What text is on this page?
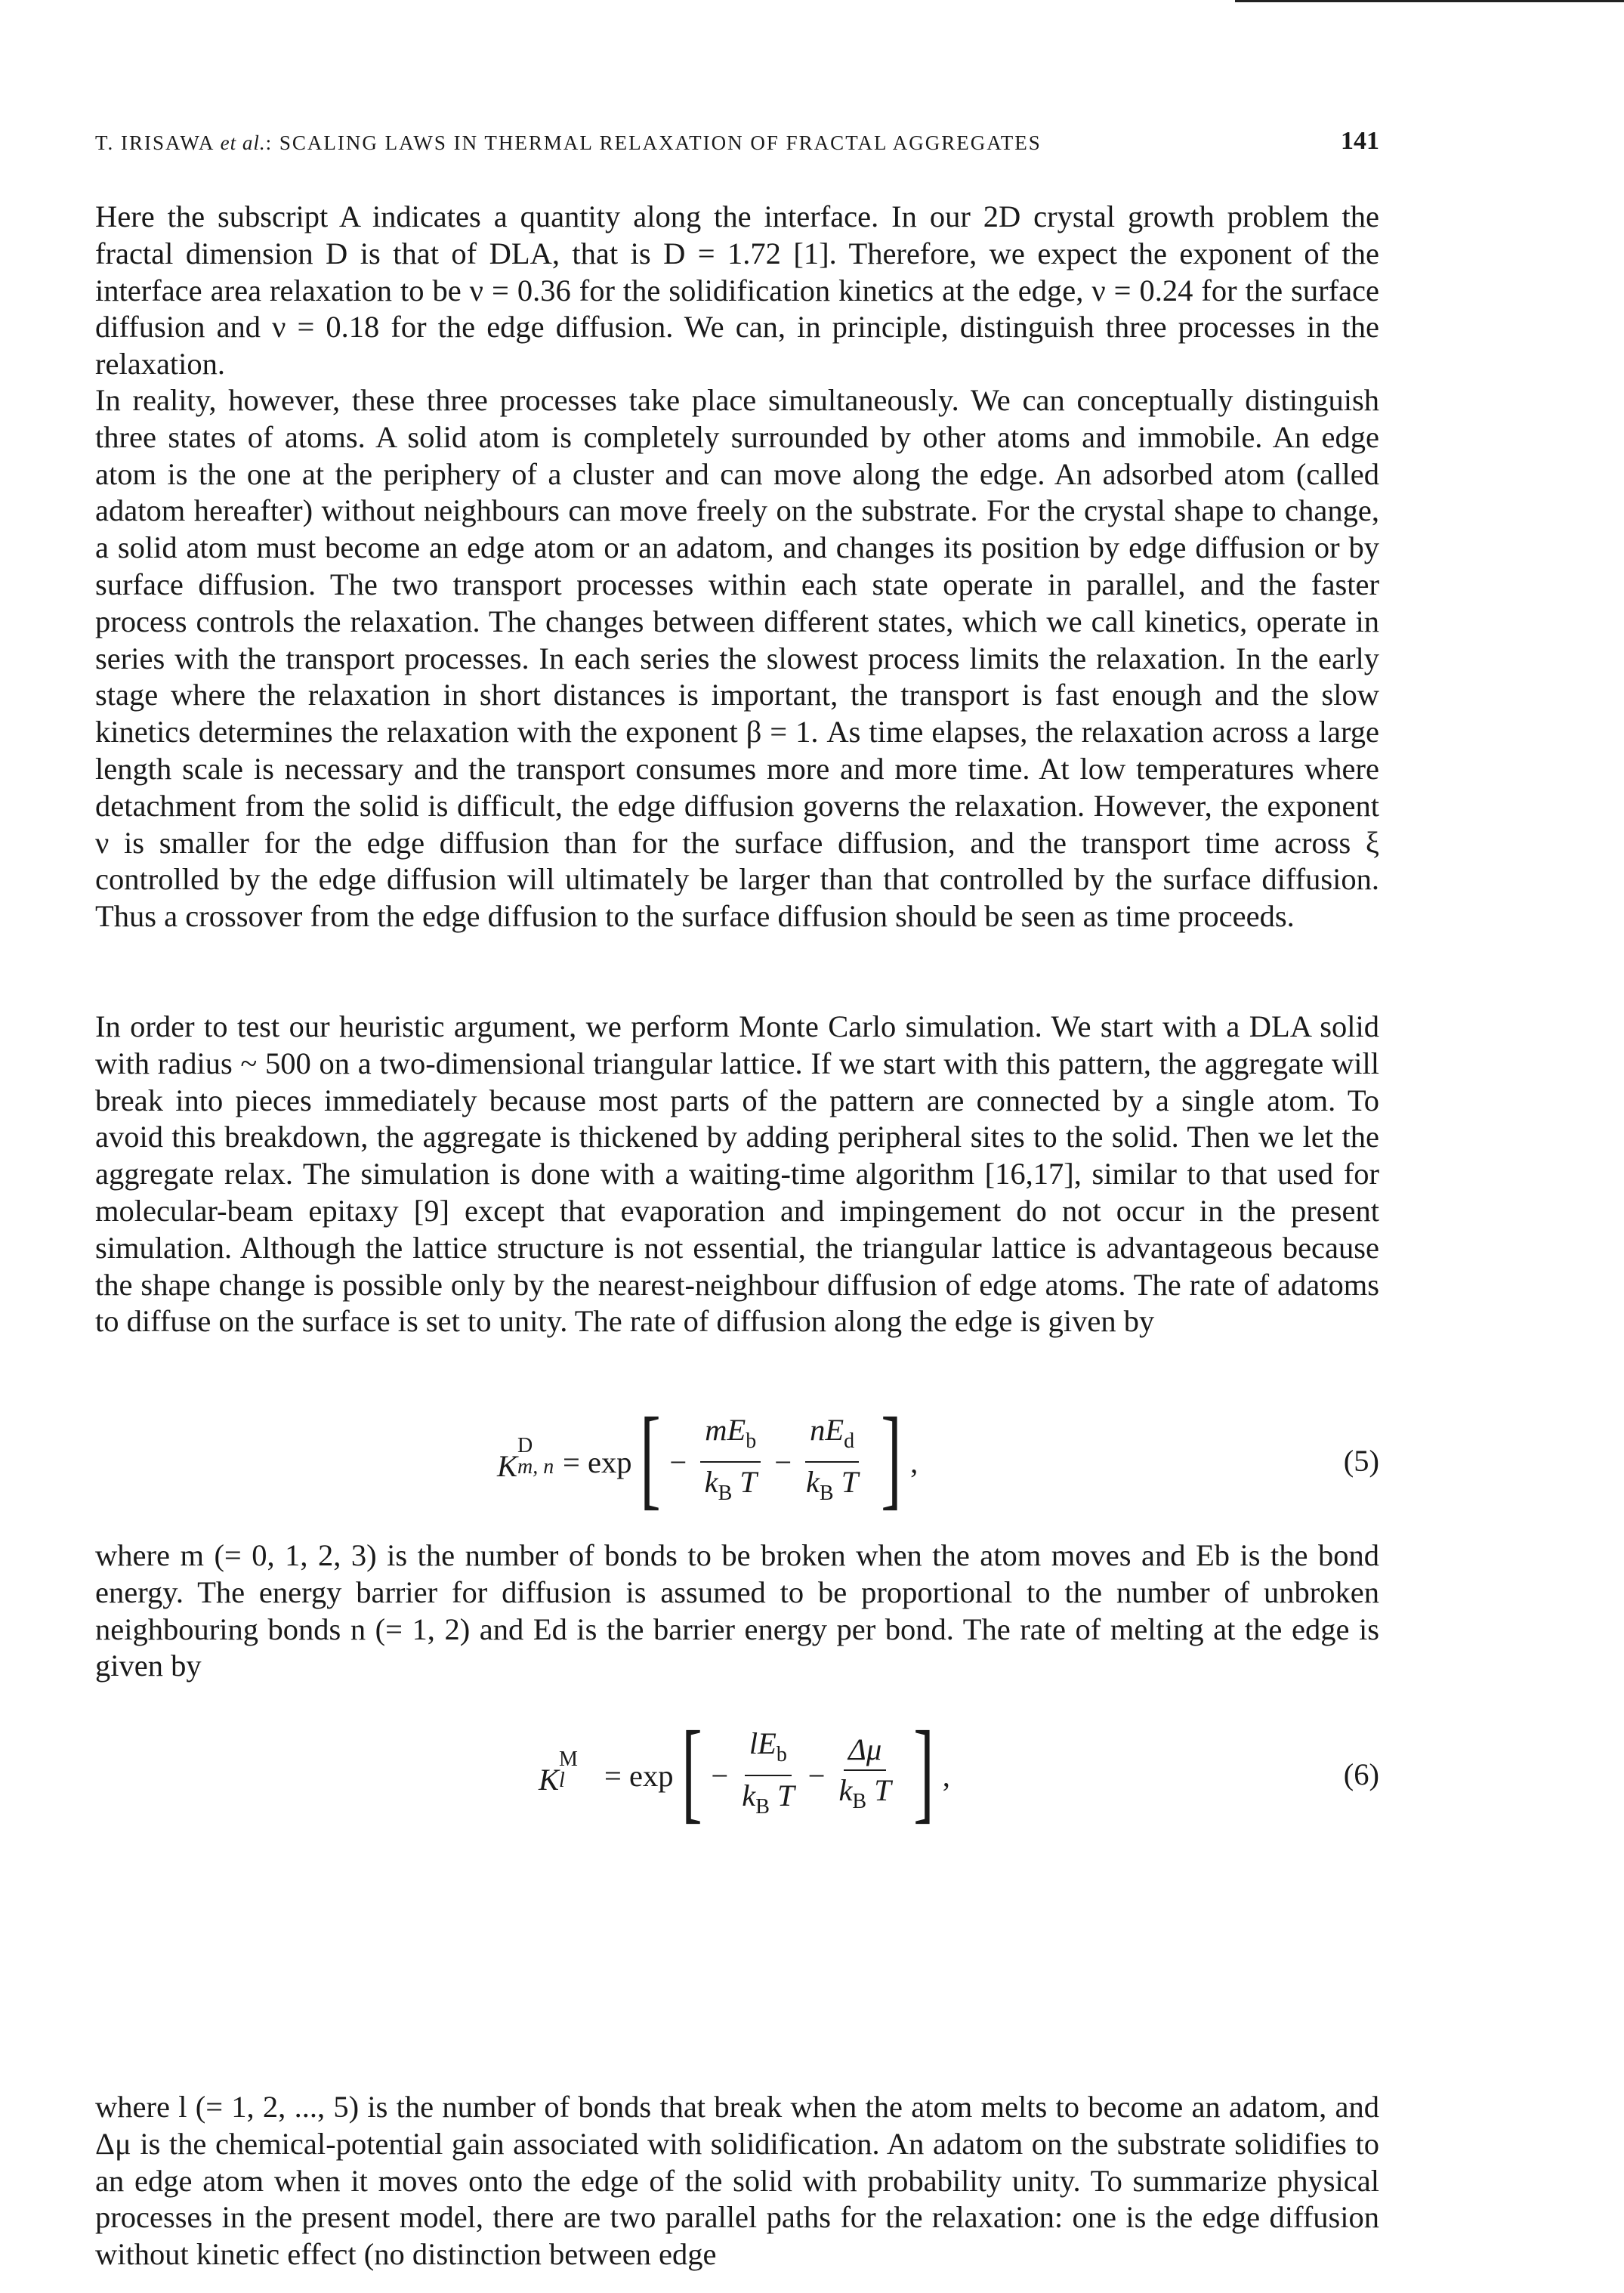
T. IRISAWA et al.: SCALING LAWS IN THERMAL RELAXATION OF FRACTAL AGGREGATES	141

Here the subscript A indicates a quantity along the interface. In our 2D crystal growth problem the fractal dimension D is that of DLA, that is D = 1.72 [1]. Therefore, we expect the exponent of the interface area relaxation to be ν = 0.36 for the solidification kinetics at the edge, ν = 0.24 for the surface diffusion and ν = 0.18 for the edge diffusion. We can, in principle, distinguish three processes in the relaxation.

In reality, however, these three processes take place simultaneously. We can conceptually distinguish three states of atoms. A solid atom is completely surrounded by other atoms and immobile. An edge atom is the one at the periphery of a cluster and can move along the edge. An adsorbed atom (called adatom hereafter) without neighbours can move freely on the substrate. For the crystal shape to change, a solid atom must become an edge atom or an adatom, and changes its position by edge diffusion or by surface diffusion. The two transport processes within each state operate in parallel, and the faster process controls the relaxation. The changes between different states, which we call kinetics, operate in series with the transport processes. In each series the slowest process limits the relaxation. In the early stage where the relaxation in short distances is important, the transport is fast enough and the slow kinetics determines the relaxation with the exponent β = 1. As time elapses, the relaxation across a large length scale is necessary and the transport consumes more and more time. At low temperatures where detachment from the solid is difficult, the edge diffusion governs the relaxation. However, the exponent ν is smaller for the edge diffusion than for the surface diffusion, and the transport time across ξ controlled by the edge diffusion will ultimately be larger than that controlled by the surface diffusion. Thus a crossover from the edge diffusion to the surface diffusion should be seen as time proceeds.

In order to test our heuristic argument, we perform Monte Carlo simulation. We start with a DLA solid with radius ~ 500 on a two-dimensional triangular lattice. If we start with this pattern, the aggregate will break into pieces immediately because most parts of the pattern are connected by a single atom. To avoid this breakdown, the aggregate is thickened by adding peripheral sites to the solid. Then we let the aggregate relax. The simulation is done with a waiting-time algorithm [16,17], similar to that used for molecular-beam epitaxy [9] except that evaporation and impingement do not occur in the present simulation. Although the lattice structure is not essential, the triangular lattice is advantageous because the shape change is possible only by the nearest-neighbour diffusion of edge atoms. The rate of adatoms to diffuse on the surface is set to unity. The rate of diffusion along the edge is given by

K
D
m, n = exp [ − $\frac{mE_b}{k_B T} - \frac{nE_d}{k_B T}$ ] ,	(5)

where m (= 0, 1, 2, 3) is the number of bonds to be broken when the atom moves and Eb is the bond energy. The energy barrier for diffusion is assumed to be proportional to the number of unbroken neighbouring bonds n (= 1, 2) and Ed is the barrier energy per bond. The rate of melting at the edge is given by

K
M
l = exp [ − $\frac{lE_b}{k_B T} - \frac{\Delta\mu}{k_B T}$ ] ,	(6)

where l (= 1, 2, ..., 5) is the number of bonds that break when the atom melts to become an adatom, and Δμ is the chemical-potential gain associated with solidification. An adatom on the substrate solidifies to an edge atom when it moves onto the edge of the solid with probability unity. To summarize physical processes in the present model, there are two parallel paths for the relaxation: one is the edge diffusion without kinetic effect (no distinction between edge
